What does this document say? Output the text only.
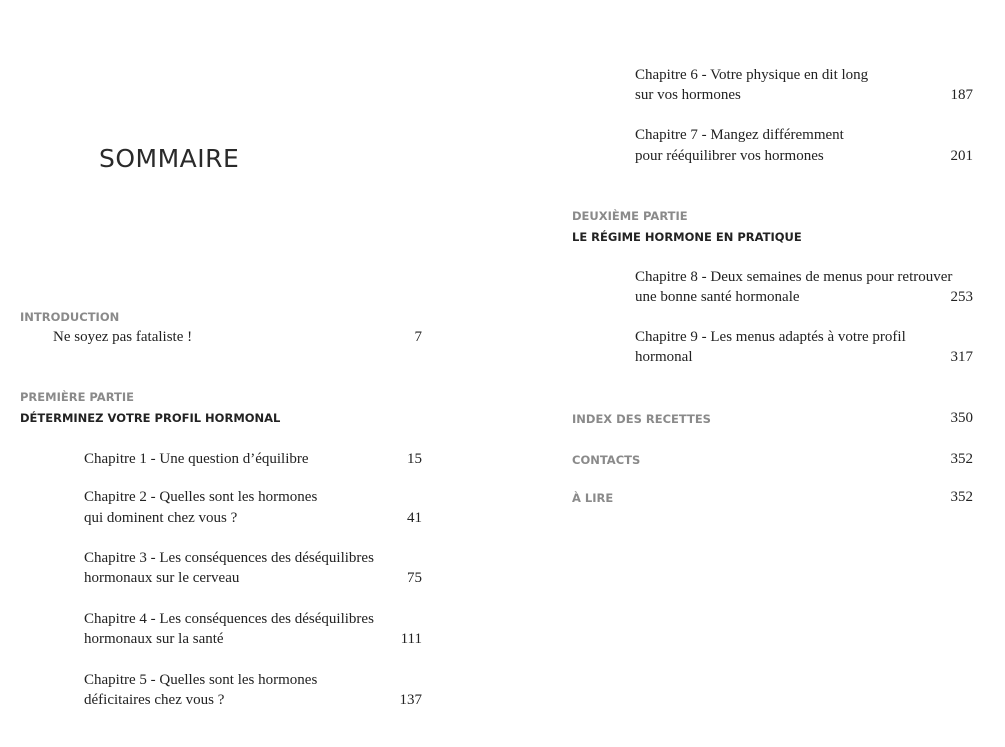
SOMMAIRE
INTRODUCTION
Ne soyez pas fataliste !	7
PREMIÈRE PARTIE
DÉTERMINEZ VOTRE PROFIL HORMONAL
Chapitre 1 - Une question d’équilibre	15
Chapitre 2 - Quelles sont les hormones
qui dominent chez vous ?	41
Chapitre 3 - Les conséquences des déséquilibres
hormonaux sur le cerveau	75
Chapitre 4 - Les conséquences des déséquilibres
hormonaux sur la santé	111
Chapitre 5 - Quelles sont les hormones
déficitaires chez vous ?	137
Chapitre 6 - Votre physique en dit long
sur vos hormones	187
Chapitre 7 - Mangez différemment
pour rééquilibrer vos hormones	201
DEUXIÈME PARTIE
LE RÉGIME HORMONE EN PRATIQUE
Chapitre 8 - Deux semaines de menus pour retrouver
une bonne santé hormonale	253
Chapitre 9 - Les menus adaptés à votre profil
hormonal	317
INDEX DES RECETTES	350
CONTACTS	352
À LIRE	352
